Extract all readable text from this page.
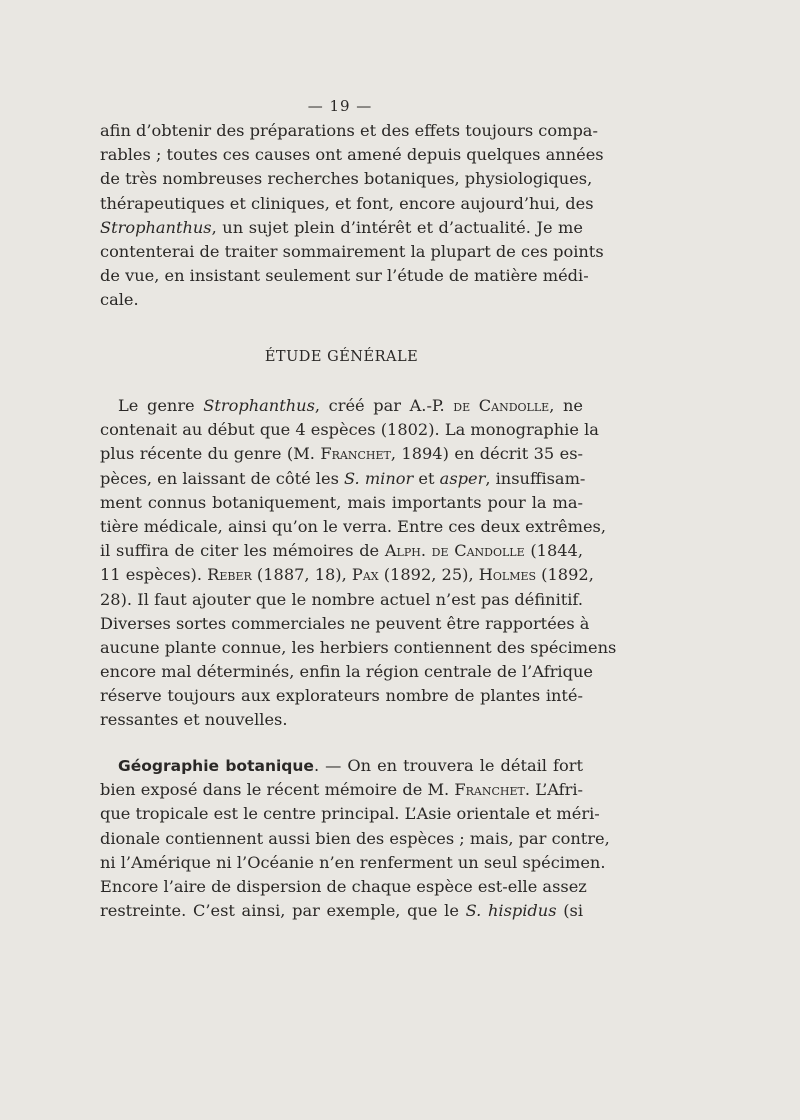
— 19 —
afin d’obtenir des préparations et des effets toujours compa-
rables ; toutes ces causes ont amené depuis quelques années
de très nombreuses recherches botaniques, physiologiques,
thérapeutiques et cliniques, et font, encore aujourd’hui, des
Strophanthus, un sujet plein d’intérêt et d’actualité. Je me
contenterai de traiter sommairement la plupart de ces points
de vue, en insistant seulement sur l’étude de matière médi-
cale.
ÉTUDE GÉNÉRALE
Le genre Strophanthus, créé par A.-P. de Candolle, ne
contenait au début que 4 espèces (1802). La monographie la
plus récente du genre (M. Franchet, 1894) en décrit 35 es-
pèces, en laissant de côté les S. minor et asper, insuffisam-
ment connus botaniquement, mais importants pour la ma-
tière médicale, ainsi qu’on le verra. Entre ces deux extrêmes,
il suffira de citer les mémoires de Alph. de Candolle (1844,
11 espèces). Reber (1887, 18), Pax (1892, 25), Holmes (1892,
28). Il faut ajouter que le nombre actuel n’est pas définitif.
Diverses sortes commerciales ne peuvent être rapportées à
aucune plante connue, les herbiers contiennent des spécimens
encore mal déterminés, enfin la région centrale de l’Afrique
réserve toujours aux explorateurs nombre de plantes inté-
ressantes et nouvelles.
Géographie botanique. — On en trouvera le détail fort
bien exposé dans le récent mémoire de M. Franchet. L’Afri-
que tropicale est le centre principal. L’Asie orientale et méri-
dionale contiennent aussi bien des espèces ; mais, par contre,
ni l’Amérique ni l’Océanie n’en renferment un seul spécimen.
Encore l’aire de dispersion de chaque espèce est-elle assez
restreinte. C’est ainsi, par exemple, que le S. hispidus (si
